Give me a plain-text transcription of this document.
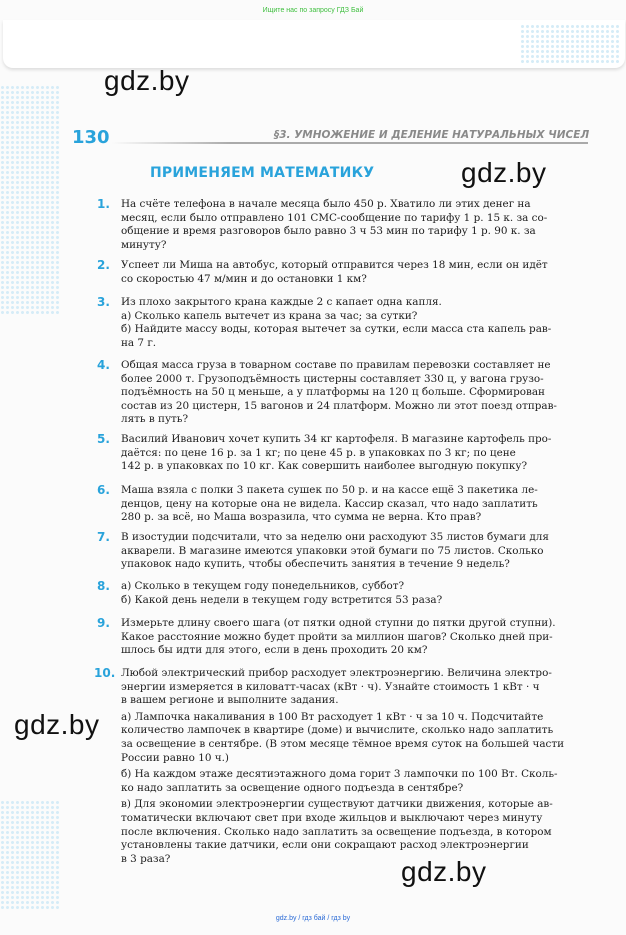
Ищите нас по запросу ГДЗ Бай
gdz.by
gdz.by
gdz.by
gdz.by
130	§3. УМНОЖЕНИЕ И ДЕЛЕНИЕ НАТУРАЛЬНЫХ ЧИСЕЛ
ПРИМЕНЯЕМ МАТЕМАТИКУ
1.	На счёте телефона в начале месяца было 450 р. Хватило ли этих денег на
месяц, если было отправлено 101 СМС-сообщение по тарифу 1 р. 15 к. за со-
общение и время разговоров было равно 3 ч 53 мин по тарифу 1 р. 90 к. за
минуту?
2.	Успеет ли Миша на автобус, который отправится через 18 мин, если он идёт
со скоростью 47 м/мин и до остановки 1 км?
3.	Из плохо закрытого крана каждые 2 с капает одна капля.
а) Сколько капель вытечет из крана за час; за сутки?
б) Найдите массу воды, которая вытечет за сутки, если масса ста капель рав-
на 7 г.
4.	Общая масса груза в товарном составе по правилам перевозки составляет не
более 2000 т. Грузоподъёмность цистерны составляет 330 ц, у вагона грузо-
подъёмность на 50 ц меньше, а у платформы на 120 ц больше. Сформирован
состав из 20 цистерн, 15 вагонов и 24 платформ. Можно ли этот поезд отправ-
лять в путь?
5.	Василий Иванович хочет купить 34 кг картофеля. В магазине картофель про-
даётся: по цене 16 р. за 1 кг; по цене 45 р. в упаковках по 3 кг; по цене
142 р. в упаковках по 10 кг. Как совершить наиболее выгодную покупку?
6.	Маша взяла с полки 3 пакета сушек по 50 р. и на кассе ещё 3 пакетика ле-
денцов, цену на которые она не видела. Кассир сказал, что надо заплатить
280 р. за всё, но Маша возразила, что сумма не верна. Кто прав?
7.	В изостудии подсчитали, что за неделю они расходуют 35 листов бумаги для
акварели. В магазине имеются упаковки этой бумаги по 75 листов. Сколько
упаковок надо купить, чтобы обеспечить занятия в течение 9 недель?
8.	а) Сколько в текущем году понедельников, суббот?
б) Какой день недели в текущем году встретится 53 раза?
9.	Измерьте длину своего шага (от пятки одной ступни до пятки другой ступни).
Какое расстояние можно будет пройти за миллион шагов? Сколько дней при-
шлось бы идти для этого, если в день проходить 20 км?
10. Любой электрический прибор расходует электроэнергию. Величина электро-
энергии измеряется в киловатт-часах (кВт · ч). Узнайте стоимость 1 кВт · ч
в вашем регионе и выполните задания.
а) Лампочка накаливания в 100 Вт расходует 1 кВт · ч за 10 ч. Подсчитайте
количество лампочек в квартире (доме) и вычислите, сколько надо заплатить
за освещение в сентябре. (В этом месяце тёмное время суток на большей части
России равно 10 ч.)
б) На каждом этаже десятиэтажного дома горит 3 лампочки по 100 Вт. Сколь-
ко надо заплатить за освещение одного подъезда в сентябре?
в) Для экономии электроэнергии существуют датчики движения, которые ав-
томатически включают свет при входе жильцов и выключают через минуту
после включения. Сколько надо заплатить за освещение подъезда, в котором
установлены такие датчики, если они сокращают расход электроэнергии
в 3 раза?
gdz.by / гдз бай / гдз by
